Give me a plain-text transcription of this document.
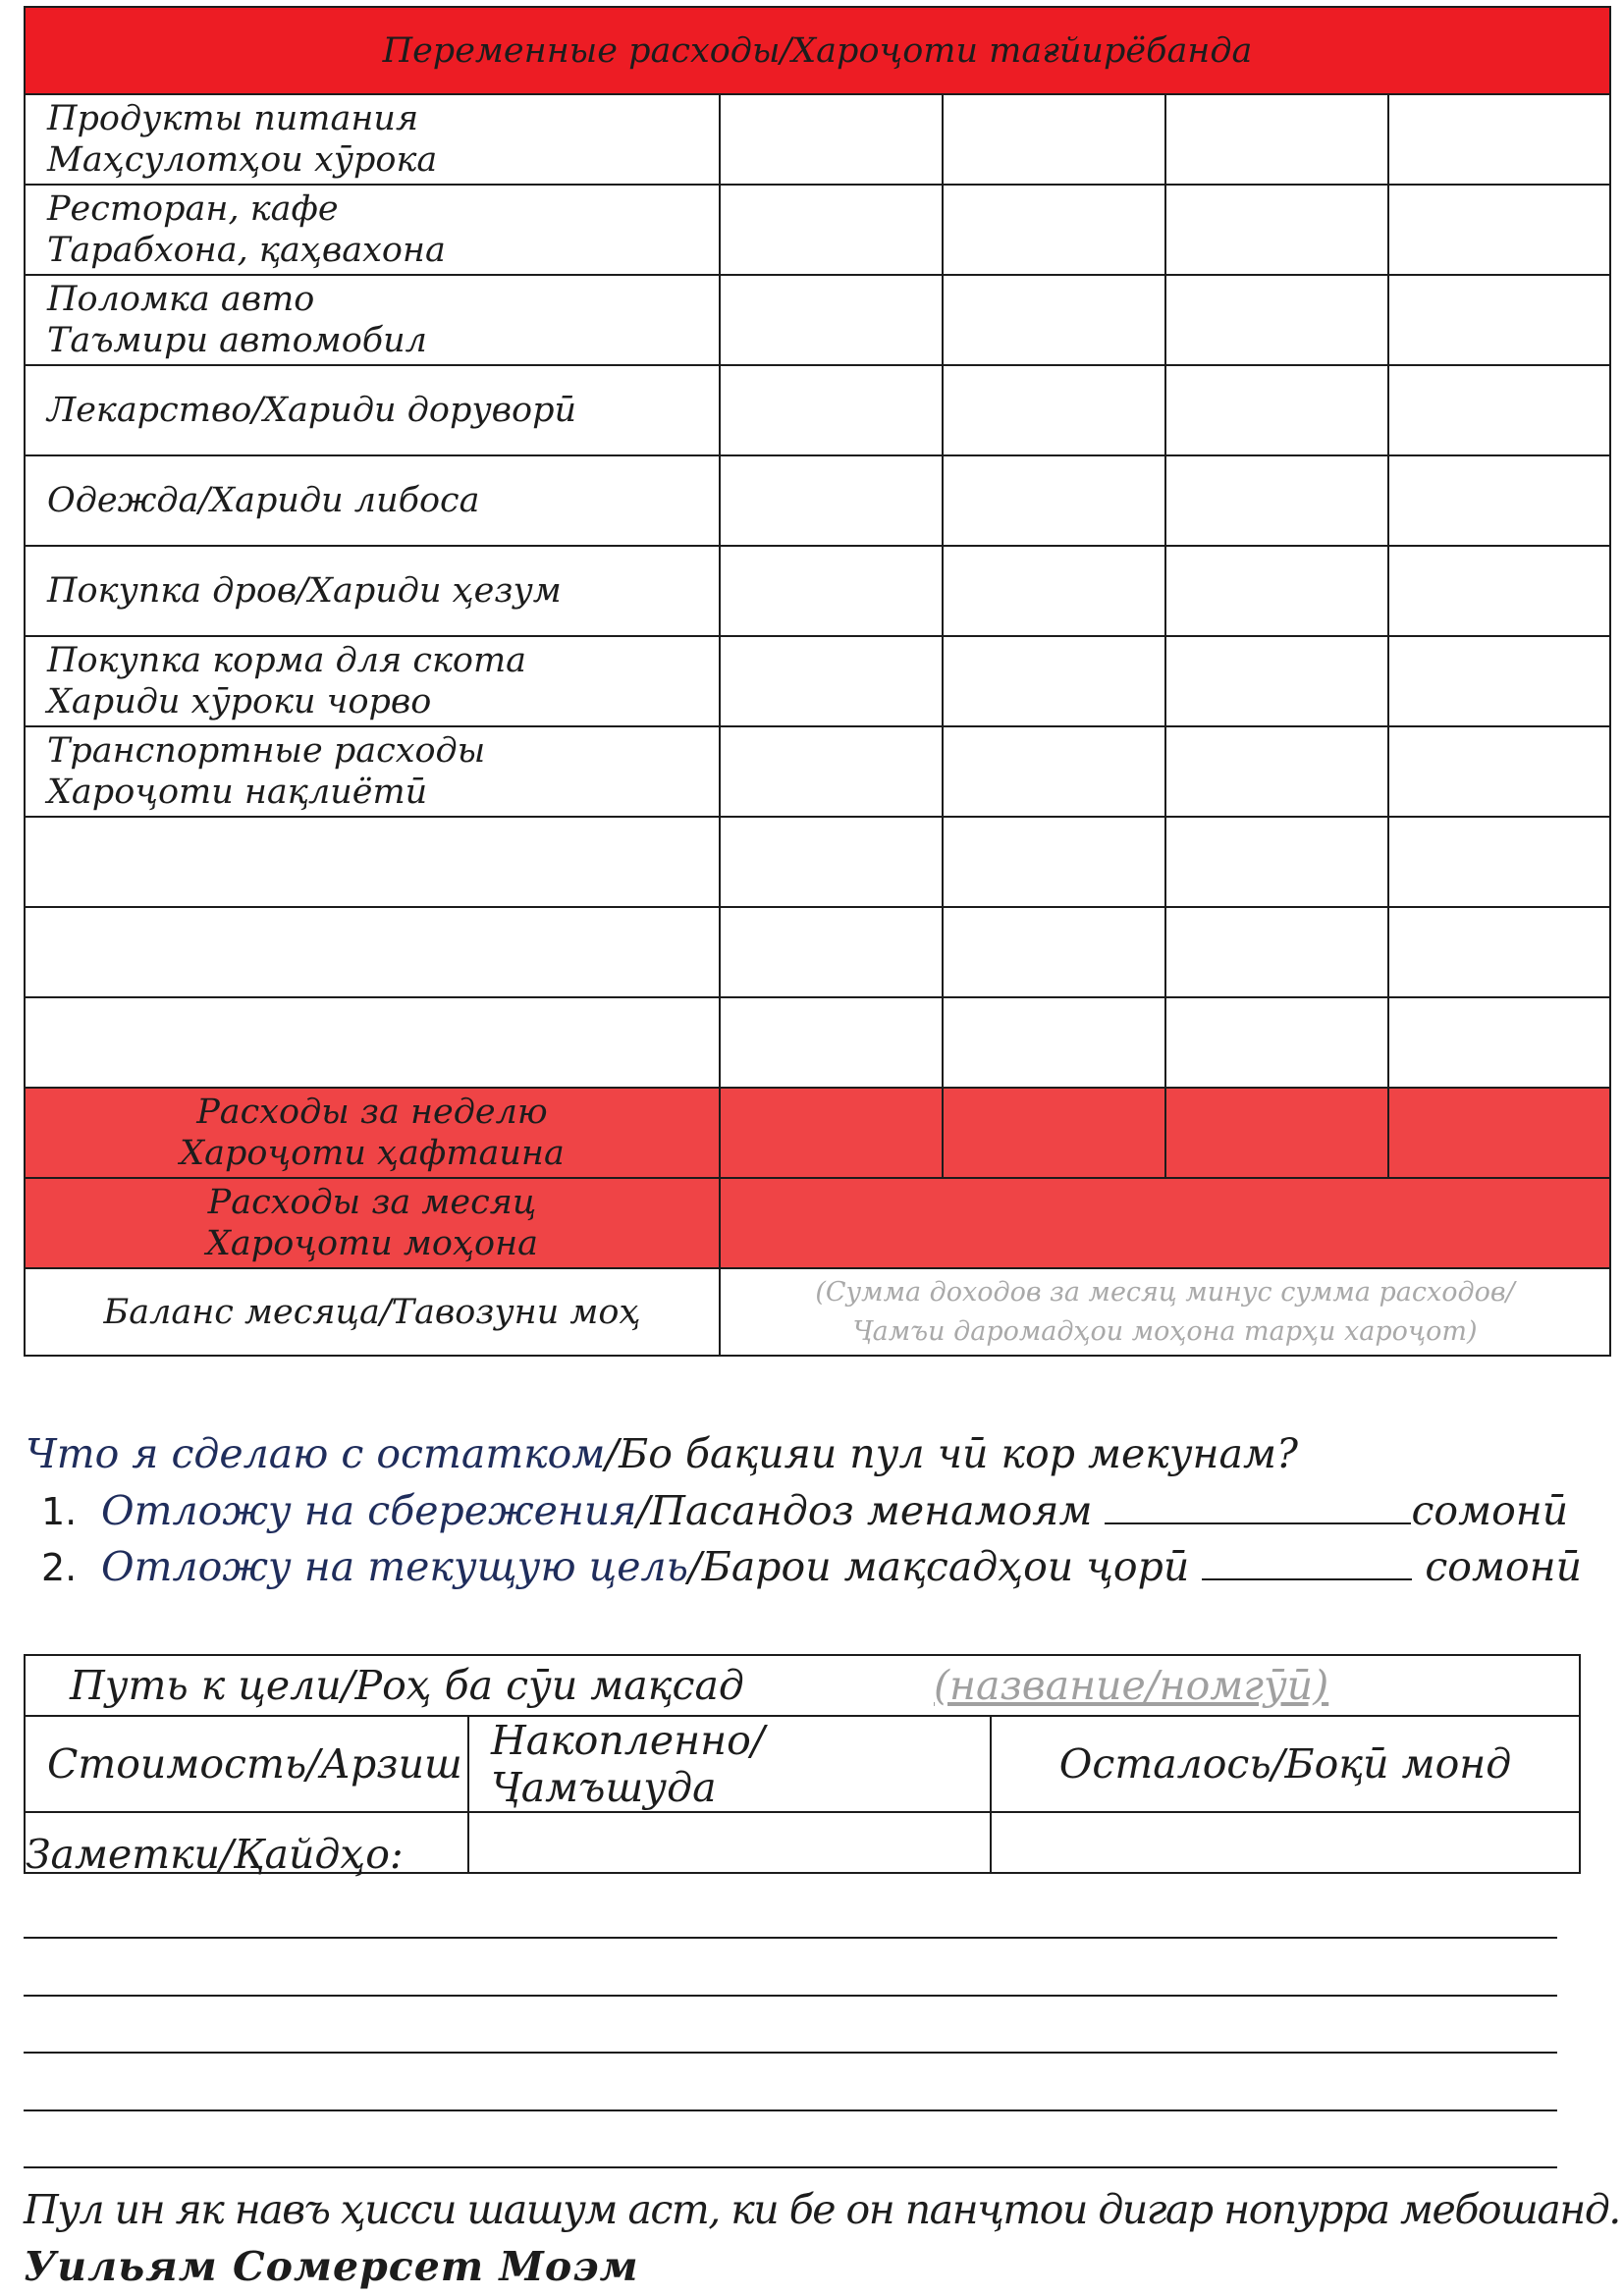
Переменные расходы/Хароҷоти тағйирёбанда				

Продукты питания
Маҳсулотҳои хӯрока				

Ресторан, кафе
Тарабхона, қаҳвахона				

Поломка авто
Таъмири автомобил				

Лекарство/Хариди доруворӣ				

Одежда/Хариди либоса				

Покупка дров/Хариди ҳезум				

Покупка корма для скота
Хариди хӯроки чорво				

Транспортные расходы
Хароҷоти нақлиётӣ				

Расходы за неделю
Хароҷоти ҳафтаина				

Расходы за месяц
Хароҷоти моҳона				

Баланс месяца/Тавозуни моҳ	(Сумма доходов за месяц минус сумма расходов/
Ҷамъи даромадҳои моҳона тарҳи хароҷот)			
Что я сделаю с остатком/Бо бақияи пул чӣ кор мекунам?
1. Отложу на сбережения/Пасандоз менамоям	сомонӣ
2. Отложу на текущую цель/Барои мақсадҳои ҷорӣ	сомонӣ
Путь к цели/Роҳ ба сӯи мақсад (название/номгӯӣ)		
Стоимость/Арзиш	Накопленно/Ҷамъшуда	Осталось/Боқӣ монд

Заметки/Қайдҳо:
Пул ин як навъ ҳисси шашум аст, ки бе он панҷтои дигар нопурра мебошанд.
Уильям Сомерсет Моэм
